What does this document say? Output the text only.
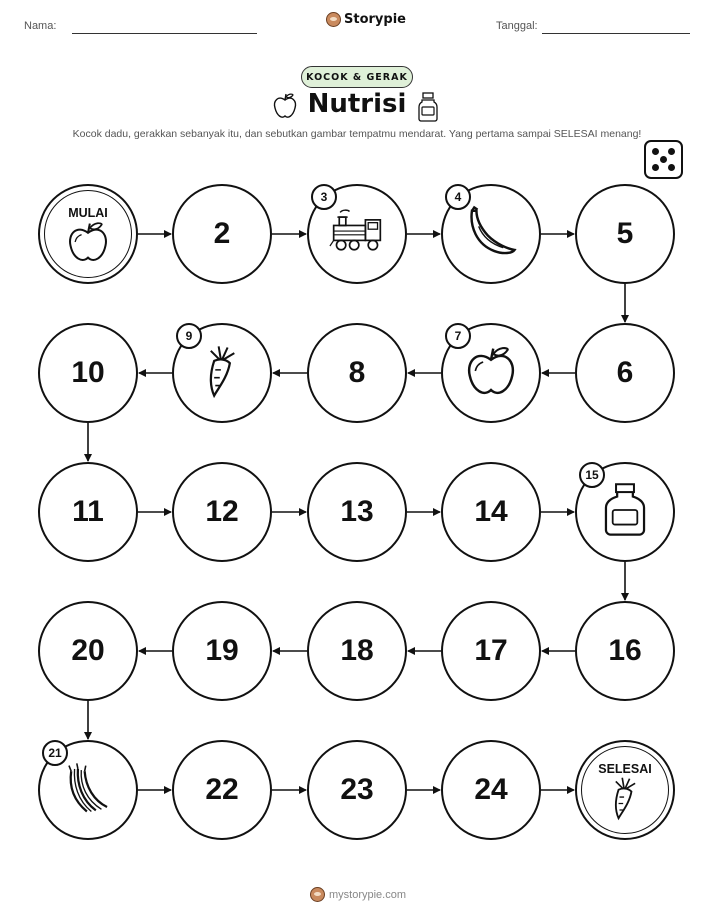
Nama:	Storypie	Tanggal:
KOCOK & GERAK
Nutrisi
Kocok dadu, gerakkan sebanyak itu, dan sebutkan gambar tempatmu mendarat. Yang pertama sampai SELESAI menang!
MULAI
2
3	4
5
6
7
8
9
10
11	12	13	14
15
16
17
18
19
20
21
22	23	24
SELESAI
mystorypie.com
